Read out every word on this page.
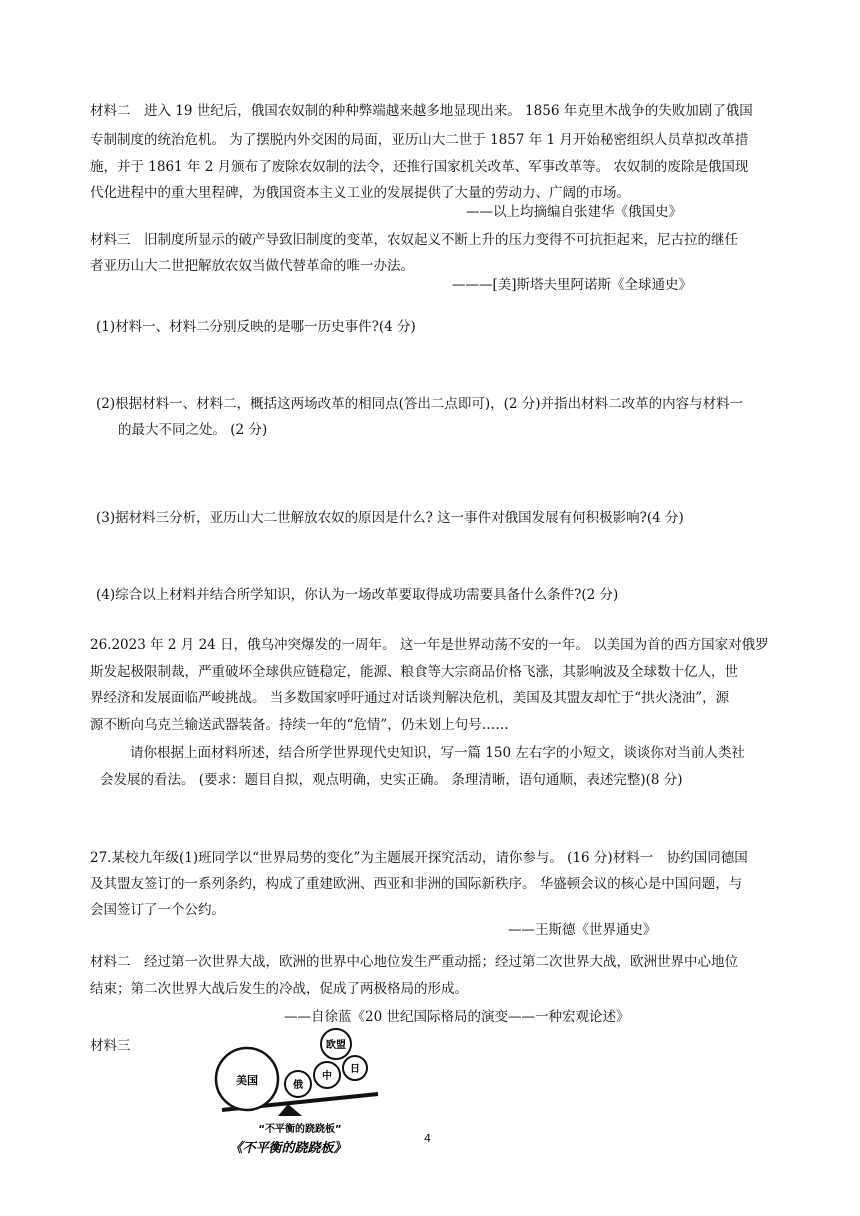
材料二　进入 19 世纪后，俄国农奴制的种种弊端越来越多地显现出来。 1856 年克里木战争的失败加剧了俄国
专制制度的统治危机。 为了摆脱内外交困的局面，亚历山大二世于 1857 年 1 月开始秘密组织人员草拟改革措
施，并于 1861 年 2 月颁布了废除农奴制的法令，还推行国家机关改革、军事改革等。 农奴制的废除是俄国现
代化进程中的重大里程碑，为俄国资本主义工业的发展提供了大量的劳动力、广阔的市场。
——以上均摘编自张建华《俄国史》
材料三　旧制度所显示的破产导致旧制度的变革，农奴起义不断上升的压力变得不可抗拒起来，尼古拉的继任
者亚历山大二世把解放农奴当做代替革命的唯一办法。
———[美]斯塔夫里阿诺斯《全球通史》
(1)材料一、材料二分别反映的是哪一历史事件?(4 分)
(2)根据材料一、材料二，概括这两场改革的相同点(答出二点即可)，(2 分)并指出材料二改革的内容与材料一
的最大不同之处。 (2 分)
(3)据材料三分析，亚历山大二世解放农奴的原因是什么? 这一事件对俄国发展有何积极影响?(4 分)
(4)综合以上材料并结合所学知识，你认为一场改革要取得成功需要具备什么条件?(2 分)
26.2023 年 2 月 24 日，俄乌冲突爆发的一周年。 这一年是世界动荡不安的一年。 以美国为首的西方国家对俄罗
斯发起极限制裁，严重破坏全球供应链稳定，能源、粮食等大宗商品价格飞涨，其影响波及全球数十亿人，世
界经济和发展面临严峻挑战。 当多数国家呼吁通过对话谈判解决危机，美国及其盟友却忙于“拱火浇油”，源
源不断向乌克兰输送武器装备。持续一年的“危情”，仍未划上句号……
请你根据上面材料所述，结合所学世界现代史知识，写一篇 150 左右字的小短文，谈谈你对当前人类社
会发展的看法。 (要求：题目自拟，观点明确，史实正确。 条理清晰，语句通顺，表述完整)(8 分)
27.某校九年级(1)班同学以“世界局势的变化”为主题展开探究活动，请你参与。 (16 分)材料一　协约国同德国
及其盟友签订的一系列条约，构成了重建欧洲、西亚和非洲的国际新秩序。 华盛顿会议的核心是中国问题，与
会国签订了一个公约。
——王斯德《世界通史》
材料二　经过第一次世界大战，欧洲的世界中心地位发生严重动摇；经过第二次世界大战，欧洲世界中心地位
结束；第二次世界大战后发生的冷战，促成了两极格局的形成。
——自徐蓝《20 世纪国际格局的演变——一种宏观论述》
材料三
美国	俄
中
欧盟
日
“不平衡的跷跷板”
《不平衡的跷跷板》
4
